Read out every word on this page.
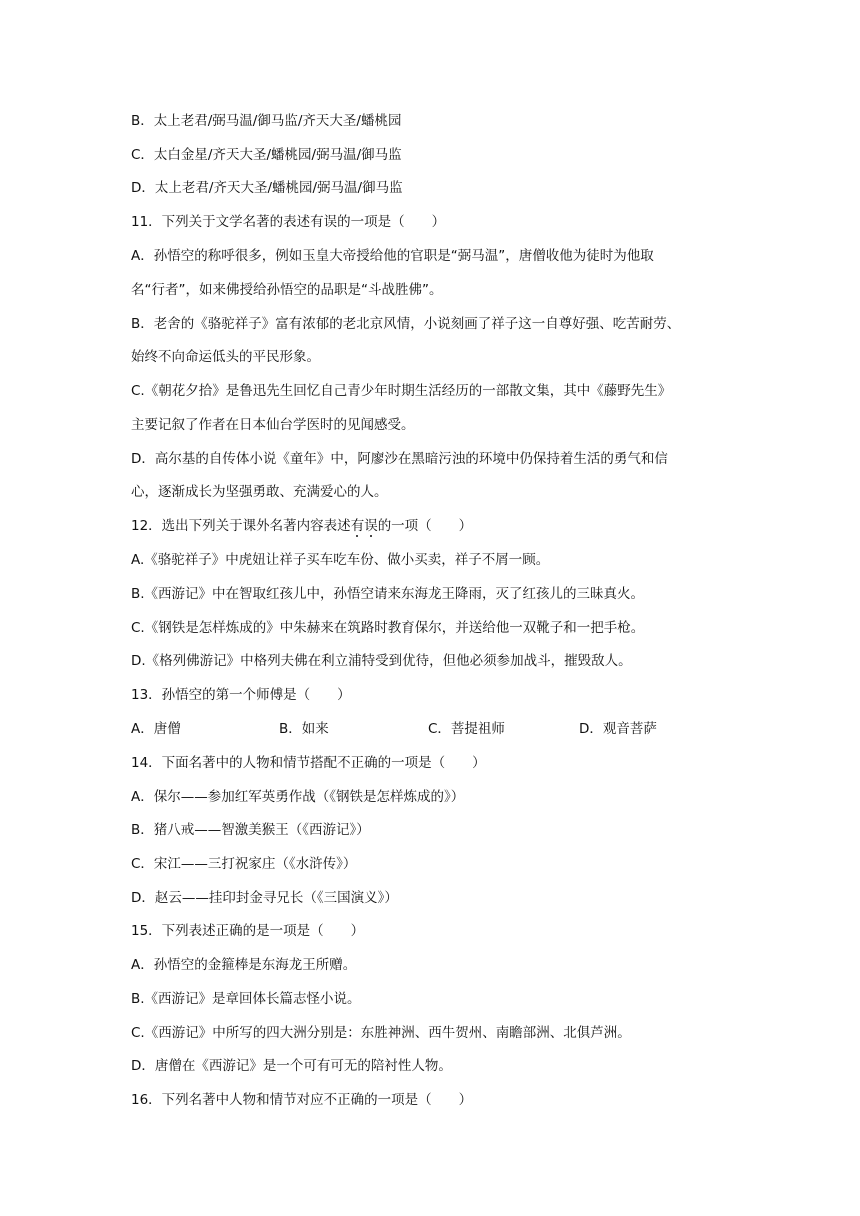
B．太上老君/弼马温/御马监/齐天大圣/蟠桃园
C．太白金星/齐天大圣/蟠桃园/弼马温/御马监
D．太上老君/齐天大圣/蟠桃园/弼马温/御马监
11．下列关于文学名著的表述有误的一项是（　　）
A．孙悟空的称呼很多，例如玉皇大帝授给他的官职是“弼马温”，唐僧收他为徒时为他取
名“行者”，如来佛授给孙悟空的品职是“斗战胜佛”。
B．老舍的《骆驼祥子》富有浓郁的老北京风情，小说刻画了祥子这一自尊好强、吃苦耐劳、
始终不向命运低头的平民形象。
C.《朝花夕拾》是鲁迅先生回忆自己青少年时期生活经历的一部散文集，其中《藤野先生》
主要记叙了作者在日本仙台学医时的见闻感受。
D．高尔基的自传体小说《童年》中，阿廖沙在黑暗污浊的环境中仍保持着生活的勇气和信
心，逐渐成长为坚强勇敢、充满爱心的人。
12．选出下列关于课外名著内容表述有误的一项（　　）
A.《骆驼祥子》中虎妞让祥子买车吃车份、做小买卖，祥子不屑一顾。
B.《西游记》中在智取红孩儿中，孙悟空请来东海龙王降雨，灭了红孩儿的三昧真火。
C.《钢铁是怎样炼成的》中朱赫来在筑路时教育保尔，并送给他一双靴子和一把手枪。
D.《格列佛游记》中格列夫佛在利立浦特受到优待，但他必须参加战斗，摧毁敌人。
13．孙悟空的第一个师傅是（　　）
A．唐僧	B．如来	C．菩提祖师	D．观音菩萨
14．下面名著中的人物和情节搭配不正确的一项是（　　）
A．保尔——参加红军英勇作战（《钢铁是怎样炼成的》）
B．猪八戒——智激美猴王（《西游记》）
C．宋江——三打祝家庄（《水浒传》）
D．赵云——挂印封金寻兄长（《三国演义》）
15．下列表述正确的是一项是（　　）
A．孙悟空的金箍棒是东海龙王所赠。
B.《西游记》是章回体长篇志怪小说。
C.《西游记》中所写的四大洲分别是：东胜神洲、西牛贺州、南瞻部洲、北俱芦洲。
D．唐僧在《西游记》是一个可有可无的陪衬性人物。
16．下列名著中人物和情节对应不正确的一项是（　　）
